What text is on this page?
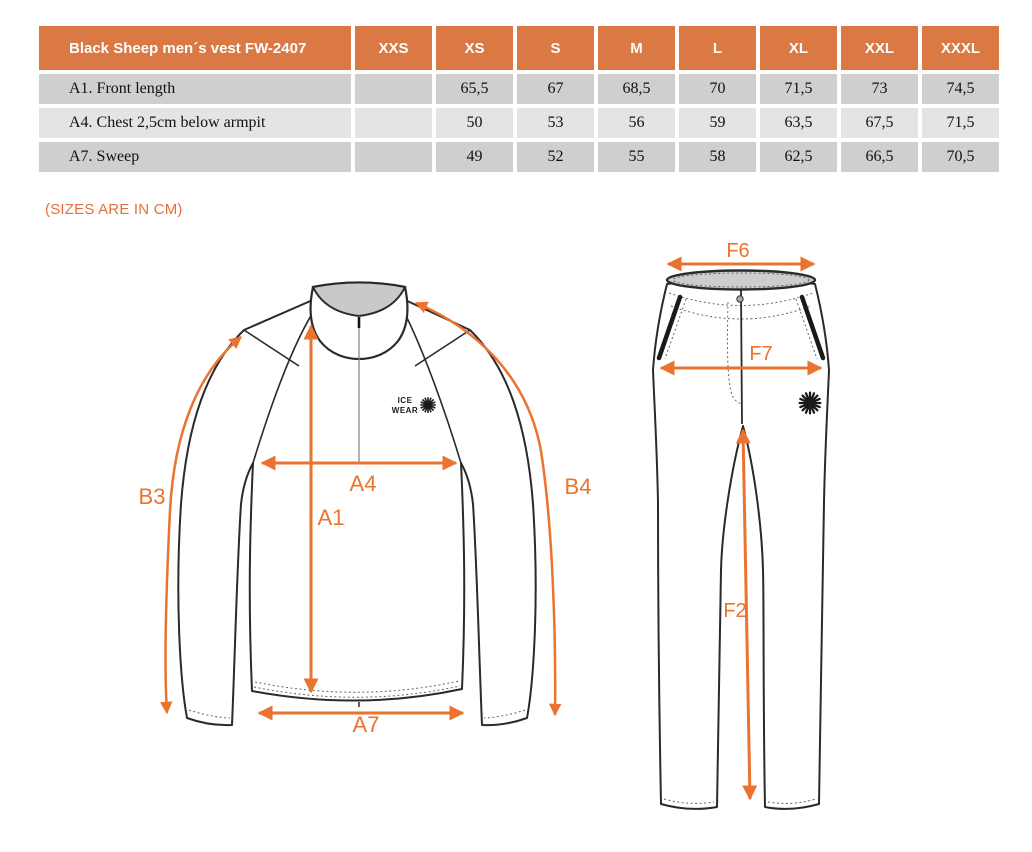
Black Sheep men´s vest FW-2407	XXS	XS	S	M	L	XL	XXL	XXXL
A1. Front length		65,5	67	68,5	70	71,5	73	74,5
A4. Chest 2,5cm below armpit		50	53	56	59	63,5	67,5	71,5
A7. Sweep		49	52	55	58	62,5	66,5	70,5
(SIZES ARE IN CM)
ICE
WEAR
A4
A1
A7
B3	B4
F6
F7
F2
